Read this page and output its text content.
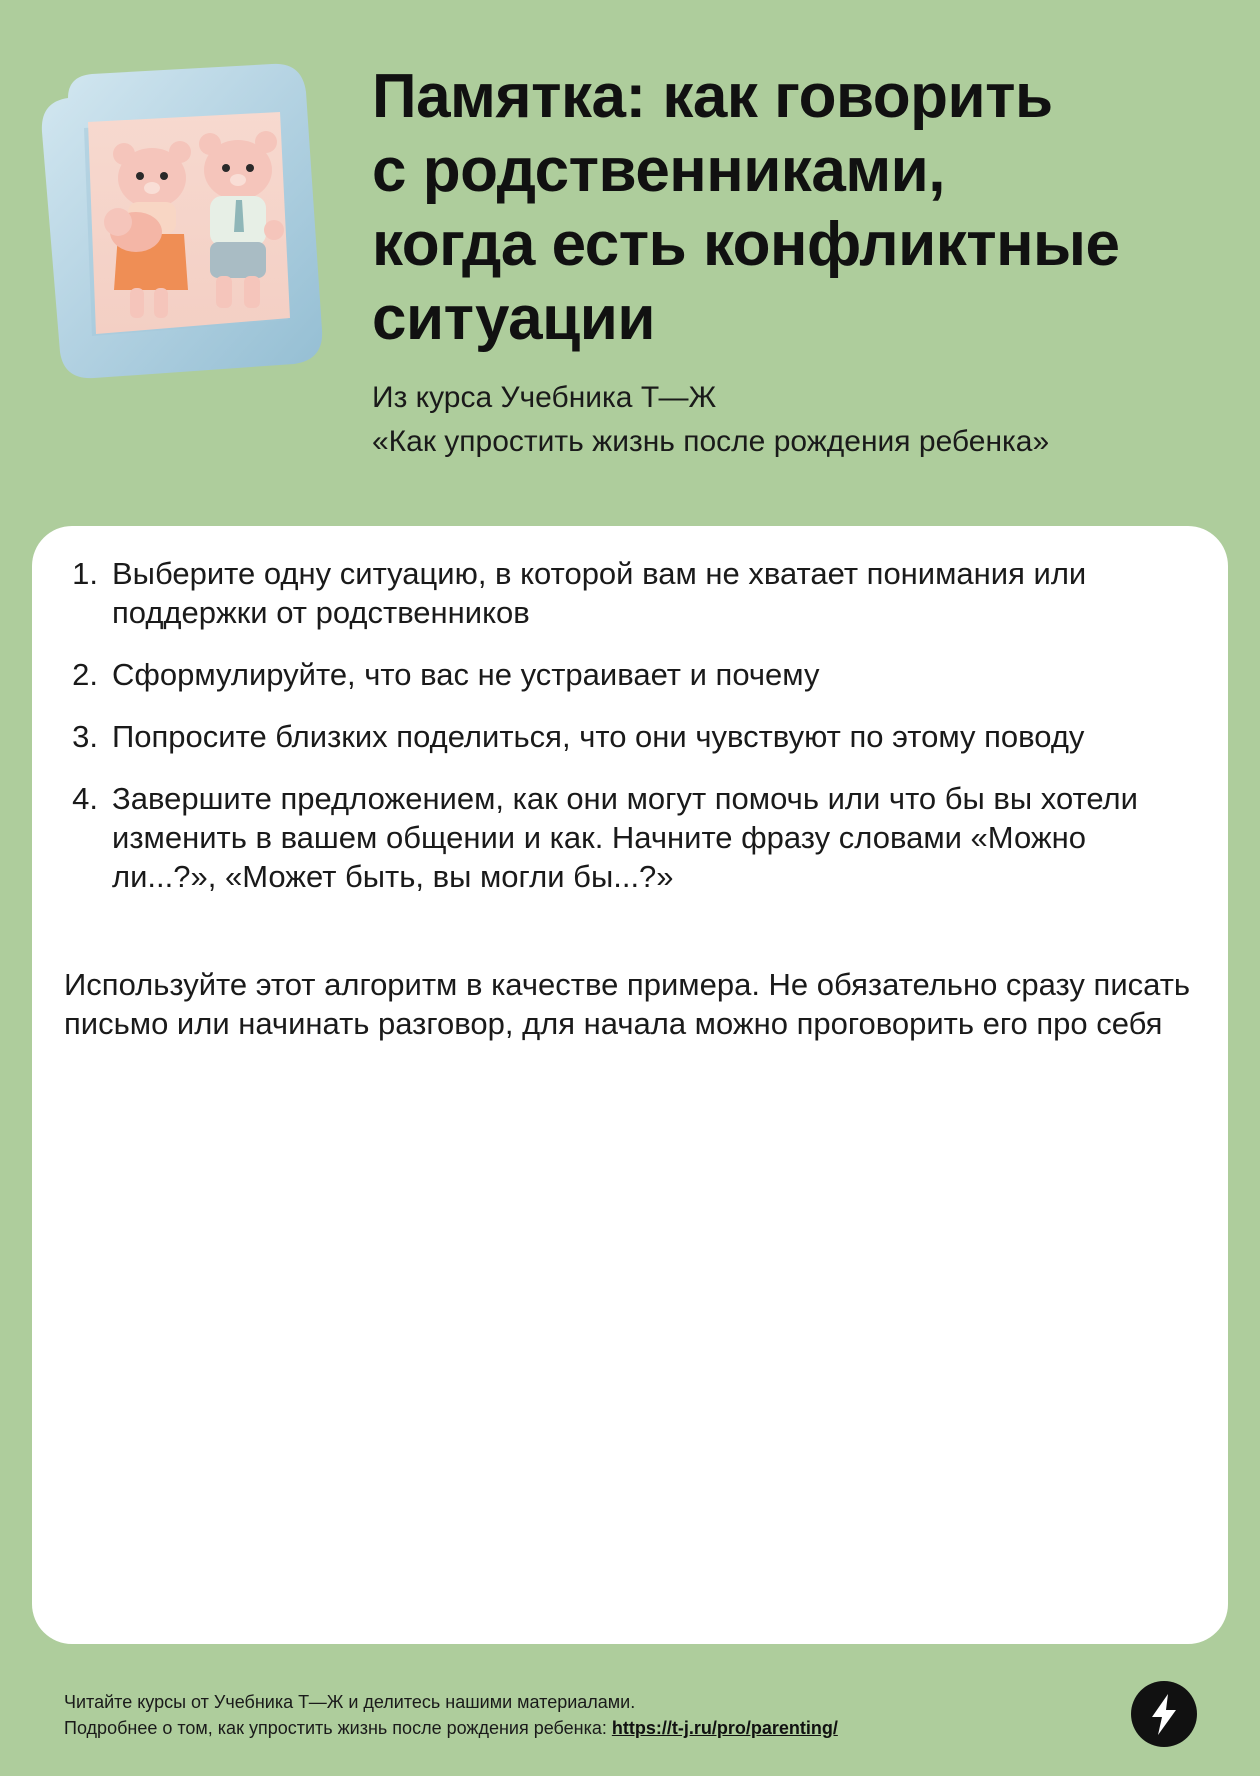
Памятка: как говорить
с родственниками,
когда есть конфликтные
ситуации
Из курса Учебника Т—Ж
«Как упростить жизнь после рождения ребенка»
1. Выберите одну ситуацию, в которой вам не хватает понимания или поддержки от родственников
2. Сформулируйте, что вас не устраивает и почему
3. Попросите близких поделиться, что они чувствуют по этому поводу
4. Завершите предложением, как они могут помочь или что бы вы хотели изменить в вашем общении и как. Начните фразу словами «Можно ли...?», «Может быть, вы могли бы...?»

Используйте этот алгоритм в качестве примера. Не обязательно сразу писать письмо или начинать разговор, для начала можно проговорить его про себя

Читайте курсы от Учебника Т—Ж и делитесь нашими материалами.
Подробнее о том, как упростить жизнь после рождения ребенка: https://t-j.ru/pro/parenting/
